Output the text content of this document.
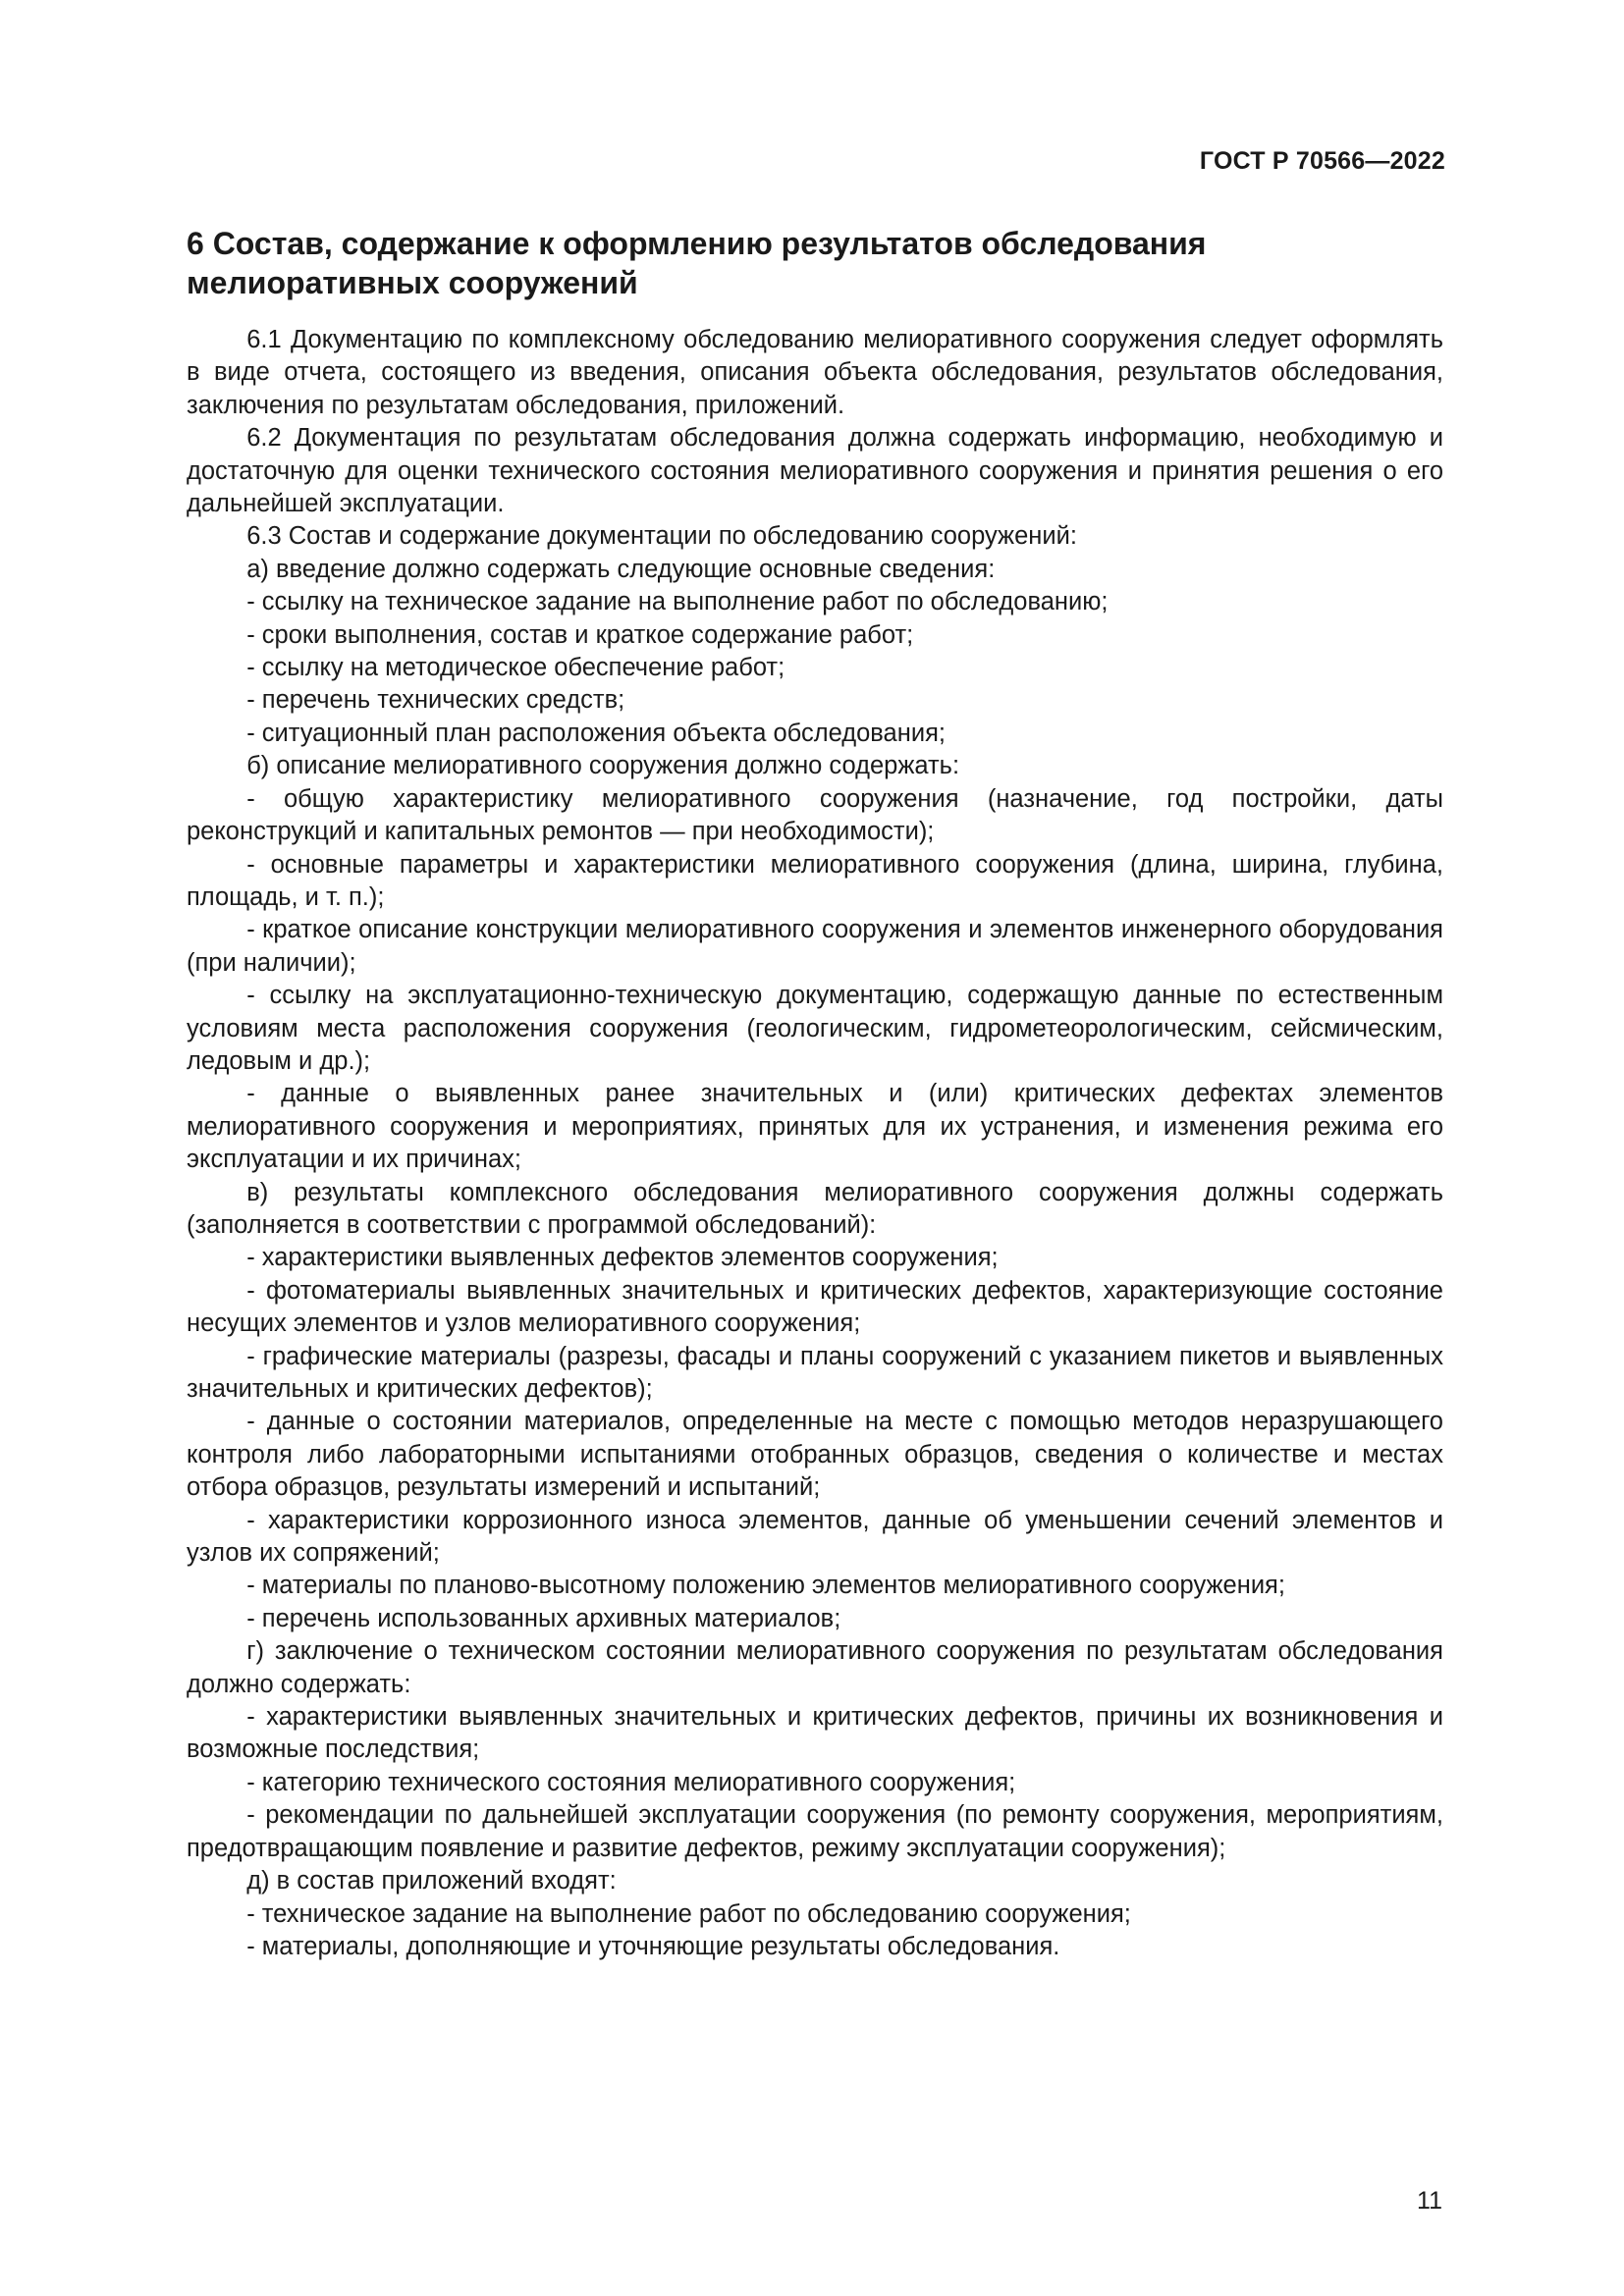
ГОСТ Р 70566—2022
6 Состав, содержание к оформлению результатов обследования мелиоративных сооружений

6.1 Документацию по комплексному обследованию мелиоративного сооружения следует оформлять в виде отчета, состоящего из введения, описания объекта обследования, результатов обследования, заключения по результатам обследования, приложений.

6.2 Документация по результатам обследования должна содержать информацию, необходимую и достаточную для оценки технического состояния мелиоративного сооружения и принятия решения о его дальнейшей эксплуатации.

6.3 Состав и содержание документации по обследованию сооружений:

а) введение должно содержать следующие основные сведения:

- ссылку на техническое задание на выполнение работ по обследованию;

- сроки выполнения, состав и краткое содержание работ;

- ссылку на методическое обеспечение работ;

- перечень технических средств;

- ситуационный план расположения объекта обследования;

б) описание мелиоративного сооружения должно содержать:

- общую характеристику мелиоративного сооружения (назначение, год постройки, даты реконструкций и капитальных ремонтов — при необходимости);

- основные параметры и характеристики мелиоративного сооружения (длина, ширина, глубина, площадь, и т. п.);

- краткое описание конструкции мелиоративного сооружения и элементов инженерного оборудования (при наличии);

- ссылку на эксплуатационно-техническую документацию, содержащую данные по естественным условиям места расположения сооружения (геологическим, гидрометеорологическим, сейсмическим, ледовым и др.);

- данные о выявленных ранее значительных и (или) критических дефектах элементов мелиоративного сооружения и мероприятиях, принятых для их устранения, и изменения режима его эксплуатации и их причинах;

в) результаты комплексного обследования мелиоративного сооружения должны содержать (заполняется в соответствии с программой обследований):

- характеристики выявленных дефектов элементов сооружения;

- фотоматериалы выявленных значительных и критических дефектов, характеризующие состояние несущих элементов и узлов мелиоративного сооружения;

- графические материалы (разрезы, фасады и планы сооружений с указанием пикетов и выявленных значительных и критических дефектов);

- данные о состоянии материалов, определенные на месте с помощью методов неразрушающего контроля либо лабораторными испытаниями отобранных образцов, сведения о количестве и местах отбора образцов, результаты измерений и испытаний;

- характеристики коррозионного износа элементов, данные об уменьшении сечений элементов и узлов их сопряжений;

- материалы по планово-высотному положению элементов мелиоративного сооружения;

- перечень использованных архивных материалов;

г) заключение о техническом состоянии мелиоративного сооружения по результатам обследования должно содержать:

- характеристики выявленных значительных и критических дефектов, причины их возникновения и возможные последствия;

- категорию технического состояния мелиоративного сооружения;

- рекомендации по дальнейшей эксплуатации сооружения (по ремонту сооружения, мероприятиям, предотвращающим появление и развитие дефектов, режиму эксплуатации сооружения);

д) в состав приложений входят:

- техническое задание на выполнение работ по обследованию сооружения;

- материалы, дополняющие и уточняющие результаты обследования.

11
